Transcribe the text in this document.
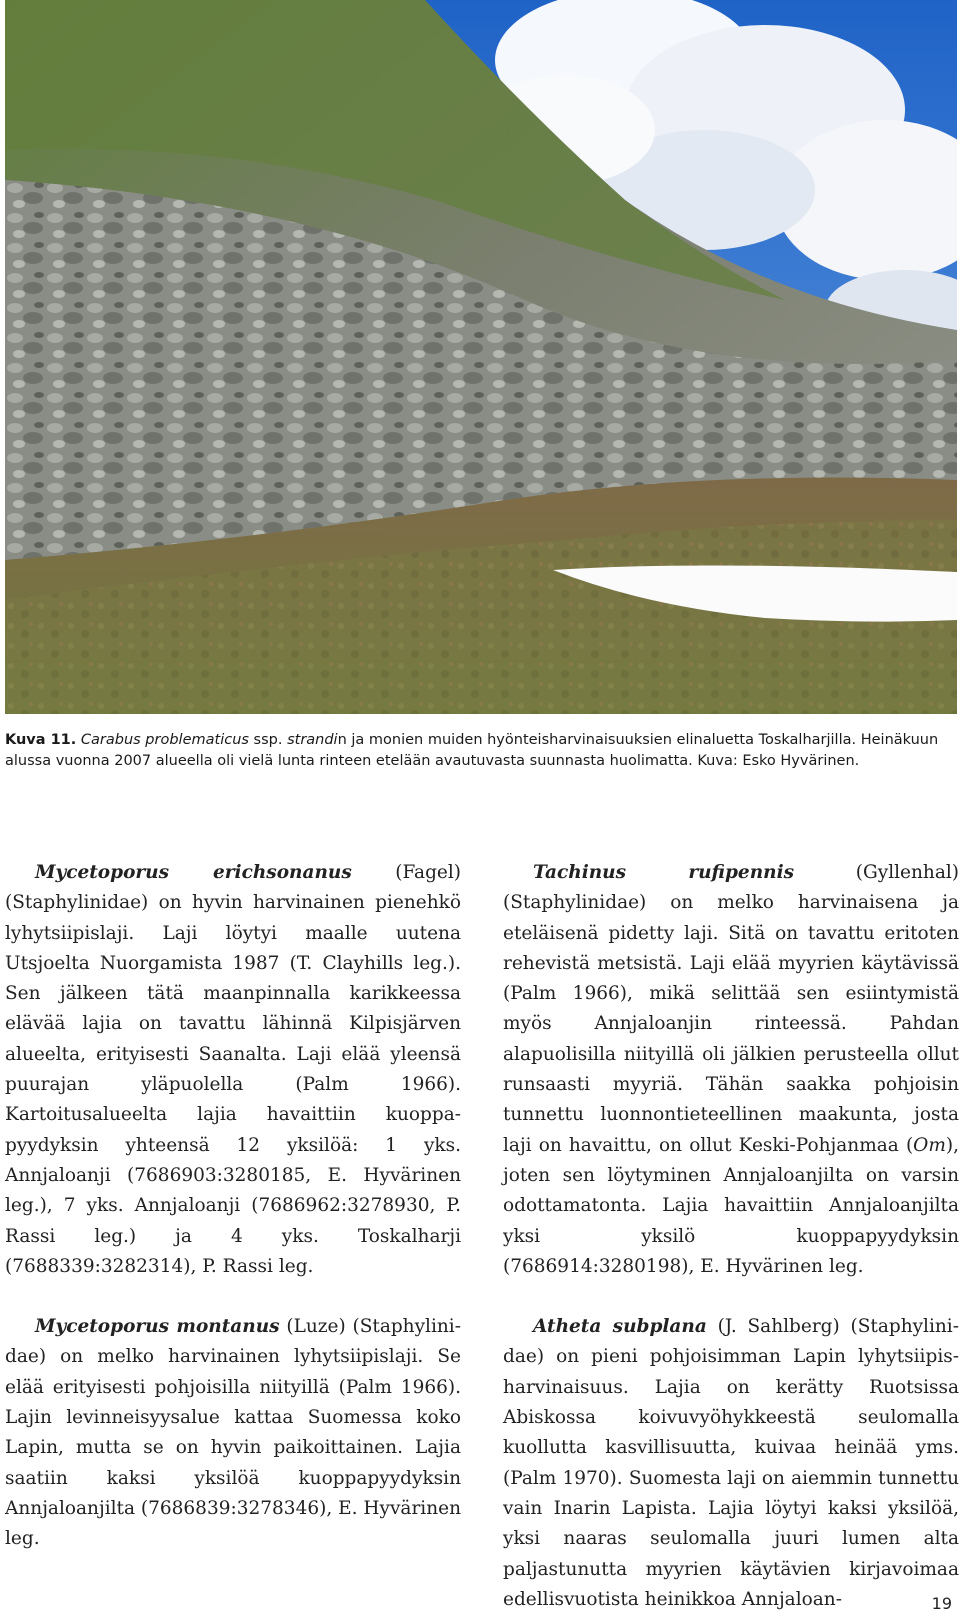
Kuva 11. Carabus problematicus ssp. strandin ja monien muiden hyönteisharvinaisuuksien elinaluetta Toskalharjilla. Heinäkuun alussa vuonna 2007 alueella oli vielä lunta rinteen etelään avautuvasta suunnasta huolimatta. Kuva: Esko Hyvärinen.

Mycetoporus erichsonanus (Fagel) (Staphylinidae) on hyvin harvinainen pienehkö lyhytsiipislaji. Laji löytyi maalle uutena Utsjoelta Nuorgamista 1987 (T. Clayhills leg.). Sen jälkeen tätä maanpinnalla karikkeessa elävää lajia on tavattu lähinnä Kilpisjärven alueelta, erityisesti Saanalta. Laji elää yleensä puurajan yläpuolella (Palm 1966). Kartoitusalueelta lajia havaittiin kuoppapyydyksin yhteensä 12 yksilöä: 1 yks. Annjaloanji (7686903:3280185, E. Hyvärinen leg.), 7 yks. Annjaloanji (7686962:3278930, P. Rassi leg.) ja 4 yks. Toskalharji (7688339:3282314), P. Rassi leg.

Mycetoporus montanus (Luze) (Staphylinidae) on melko harvinainen lyhytsiipislaji. Se elää erityisesti pohjoisilla niityillä (Palm 1966). Lajin levinneisyysalue kattaa Suomessa koko Lapin, mutta se on hyvin paikoittainen. Lajia saatiin kaksi yksilöä kuoppapyydyksin Annjaloanjilta (7686839:3278346), E. Hyvärinen leg.

Tachinus rufipennis (Gyllenhal) (Staphylinidae) on melko harvinaisena ja eteläisenä pidetty laji. Sitä on tavattu eritoten rehevistä metsistä. Laji elää myyrien käytävissä (Palm 1966), mikä selittää sen esiintymistä myös Annjaloanjin rinteessä. Pahdan alapuolisilla niityillä oli jälkien perusteella ollut runsaasti myyriä. Tähän saakka pohjoisin tunnettu luonnontieteellinen maakunta, josta laji on havaittu, on ollut Keski-Pohjanmaa (Om), joten sen löytyminen Annjaloanjilta on varsin odottamatonta. Lajia havaittiin Annjaloanjilta yksi yksilö kuoppapyydyksin (7686914:3280198), E. Hyvärinen leg.

Atheta subplana (J. Sahlberg) (Staphylinidae) on pieni pohjoisimman Lapin lyhytsiipisharvinaisuus. Lajia on kerätty Ruotsissa Abiskossa koivuvyöhykkeestä seulomalla kuollutta kasvillisuutta, kuivaa heinää yms. (Palm 1970). Suomesta laji on aiemmin tunnettu vain Inarin Lapista. Lajia löytyi kaksi yksilöä, yksi naaras seulomalla juuri lumen alta paljastunutta myyrien käytävien kirjavoimaa edellisvuotista heinikkoa Annjaloan-	19
